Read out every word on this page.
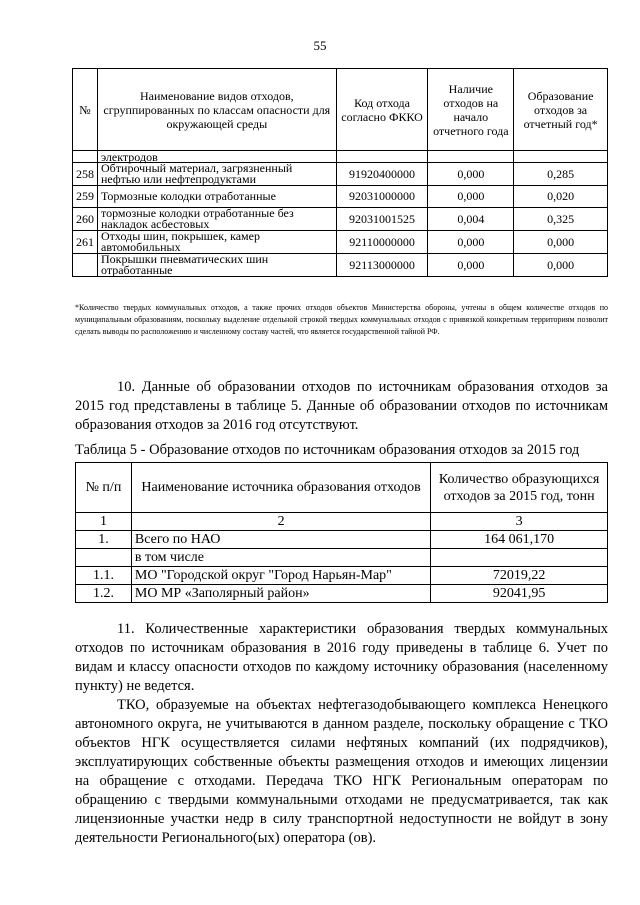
55
№	Наименование видов отходов, сгруппированных по классам опасности для окружающей среды	Код отхода согласно ФККО	Наличие отходов на начало отчетного года	Образование отходов за отчетный год*
	электродов			
258	Обтирочный материал, загрязненный нефтью или нефтепродуктами	91920400000	0,000	0,285
259	Тормозные колодки отработанные	92031000000	0,000	0,020
260	тормозные колодки отработанные без накладок асбестовых	92031001525	0,004	0,325
261	Отходы шин, покрышек, камер автомобильных	92110000000	0,000	0,000
	Покрышки пневматических шин отработанные	92113000000	0,000	0,000
*Количество твердых коммунальных отходов, а также прочих отходов объектов Министерства обороны, учтены в общем количестве отходов по муниципальным образованиям, поскольку выделение отдельной строкой твердых коммунальных отходов с привязкой конкретным территориям позволит сделать выводы по расположению и численному составу частей, что является государственной тайной РФ.
10. Данные об образовании отходов по источникам образования отходов за 2015 год представлены в таблице 5. Данные об образовании отходов по источникам образования отходов за 2016 год отсутствуют.
Таблица 5 - Образование отходов по источникам образования отходов за 2015 год
№ п/п	Наименование источника образования отходов	Количество образующихся отходов за 2015 год, тонн
1	2	3
1.	Всего по НАО	164 061,170
	в том числе	
1.1.	МО "Городской округ "Город Нарьян-Мар"	72019,22
1.2.	МО МР «Заполярный район»	92041,95
11. Количественные характеристики образования твердых коммунальных отходов по источникам образования в 2016 году приведены в таблице 6. Учет по видам и классу опасности отходов по каждому источнику образования (населенному пункту) не ведется.
ТКО, образуемые на объектах нефтегазодобывающего комплекса Ненецкого автономного округа, не учитываются в данном разделе, поскольку обращение с ТКО объектов НГК осуществляется силами нефтяных компаний (их подрядчиков), эксплуатирующих собственные объекты размещения отходов и имеющих лицензии на обращение с отходами. Передача ТКО НГК Региональным операторам по обращению с твердыми коммунальными отходами не предусматривается, так как лицензионные участки недр в силу транспортной недоступности не войдут в зону деятельности Регионального(ых) оператора (ов).
